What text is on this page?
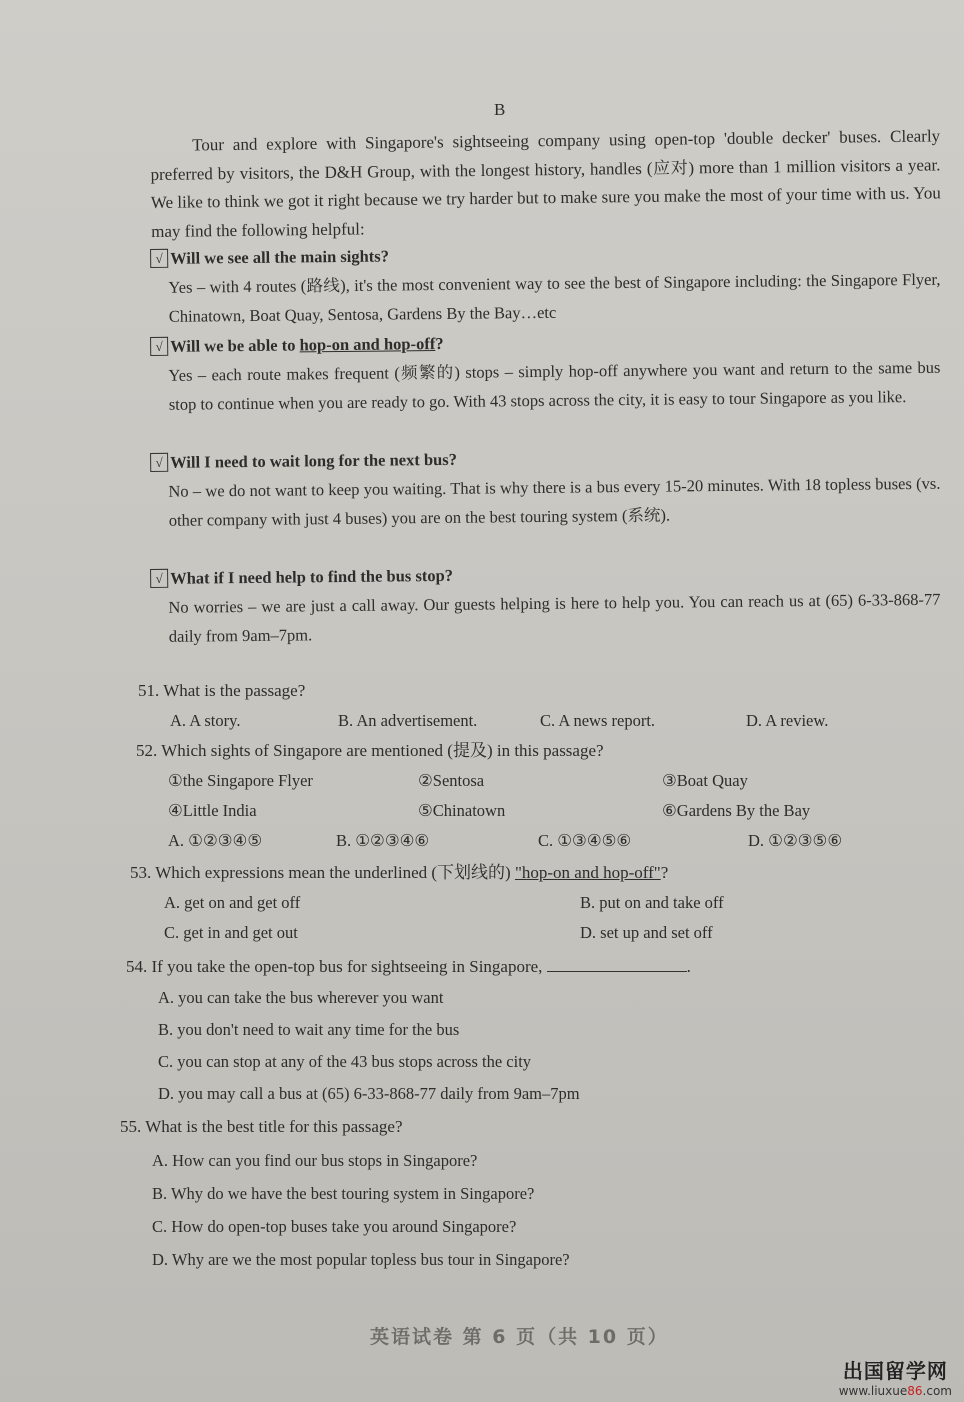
B

Tour and explore with Singapore's sightseeing company using open-top 'double decker' buses. Clearly preferred by visitors, the D&H Group, with the longest history, handles (应对) more than 1 million visitors a year. We like to think we got it right because we try harder but to make sure you make the most of your time with us. You may find the following helpful:

√ Will we see all the main sights?
Yes – with 4 routes (路线), it's the most convenient way to see the best of Singapore including: the Singapore Flyer, Chinatown, Boat Quay, Sentosa, Gardens By the Bay…etc
√ Will we be able to hop-on and hop-off?
Yes – each route makes frequent (频繁的) stops – simply hop-off anywhere you want and return to the same bus stop to continue when you are ready to go. With 43 stops across the city, it is easy to tour Singapore as you like.
√ Will I need to wait long for the next bus?
No – we do not want to keep you waiting. That is why there is a bus every 15-20 minutes. With 18 topless buses (vs. other company with just 4 buses) you are on the best touring system (系统).
√ What if I need help to find the bus stop?
No worries – we are just a call away. Our guests helping is here to help you. You can reach us at (65) 6-33-868-77 daily from 9am–7pm.
51. What is the passage?
A. A story.	B. An advertisement.	C. A news report.	D. A review.
52. Which sights of Singapore are mentioned (提及) in this passage?
①the Singapore Flyer	②Sentosa	③Boat Quay
④Little India	⑤Chinatown	⑥Gardens By the Bay
A. ①②③④⑤	B. ①②③④⑥	C. ①③④⑤⑥	D. ①②③⑤⑥
53. Which expressions mean the underlined (下划线的) "hop-on and hop-off"?
A. get on and get off	B. put on and take off
C. get in and get out	D. set up and set off
54. If you take the open-top bus for sightseeing in Singapore,	.
A. you can take the bus wherever you want
B. you don't need to wait any time for the bus
C. you can stop at any of the 43 bus stops across the city
D. you may call a bus at (65) 6-33-868-77 daily from 9am–7pm
55. What is the best title for this passage?
A. How can you find our bus stops in Singapore?
B. Why do we have the best touring system in Singapore?
C. How do open-top buses take you around Singapore?
D. Why are we the most popular topless bus tour in Singapore?
英语试卷 第 6 页（共 10 页）
出国留学网
www.liuxue86.com
